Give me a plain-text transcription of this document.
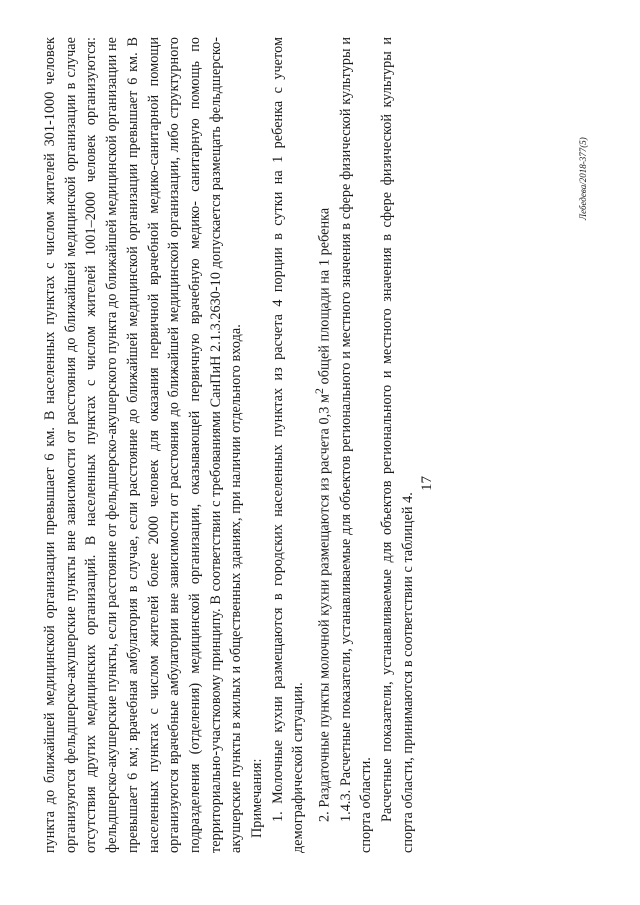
17

пункта до ближайшей медицинской организации превышает 6 км. В населенных пунктах с числом жителей 301-1000 человек организуются фельдшерско-акушерские пункты вне зависимости от расстояния до ближайшей медицинской организации в случае отсутствия других медицинских организаций. В населенных пунктах с числом жителей 1001–2000 человек организуются: фельдшерско-акушерские пункты, если расстояние от фельдшерско-акушерского пункта до ближайшей медицинской организации не превышает 6 км; врачебная амбулатория в случае, если расстояние до ближайшей медицинской организации превышает 6 км. В населенных пунктах с числом жителей более 2000 человек для оказания первичной врачебной медико-санитарной помощи организуются врачебные амбулатории вне зависимости от расстояния до ближайшей медицинской организации, либо структурного подразделения (отделения) медицинской организации, оказывающей первичную врачебную медико- санитарную помощь по территориально-участковому принципу. В соответствии с требованиями СанПиН 2.1.3.2630-10 допускается размещать фельдшерско-акушерские пункты в жилых и общественных зданиях, при наличии отдельного входа. Примечания: 1. Молочные кухни размещаются в городских населенных пунктах из расчета 4 порции в сутки на 1 ребенка с учетом демографической ситуации. 2. Раздаточные пункты молочной кухни размещаются из расчета 0,3 $м^2$ общей площади на 1 ребенка 1.4.3. Расчетные показатели, устанавливаемые для объектов регионального и местного значения в сфере физической культуры и спорта области. Расчетные показатели, устанавливаемые для объектов регионального и местного значения в сфере физической культуры и спорта области, принимаются в соответствии с таблицей 4.

Лебедева/2018-377(5)
